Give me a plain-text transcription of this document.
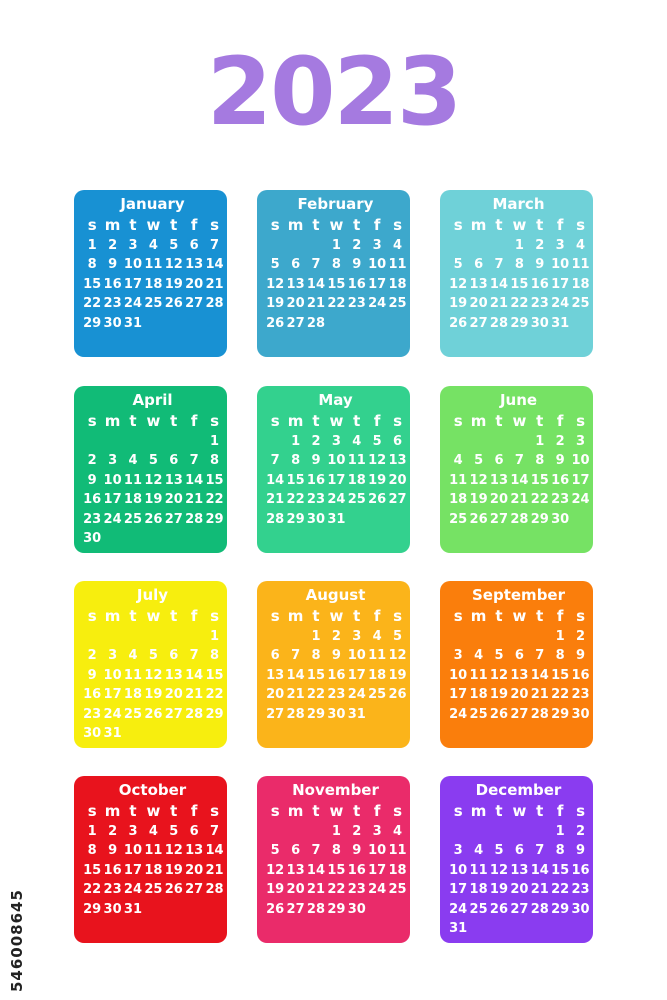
2023
January
s m t w t f s
1 2 3 4 5 6 7
8 9 10 11 12 13 14
15 16 17 18 19 20 21
22 23 24 25 26 27 28
29 30 31
February
s m t w t f s
1 2 3 4
5 6 7 8 9 10 11
12 13 14 15 16 17 18
19 20 21 22 23 24 25
26 27 28
March
s m t w t f s
1 2 3 4
5 6 7 8 9 10 11
12 13 14 15 16 17 18
19 20 21 22 23 24 25
26 27 28 29 30 31
April
s m t w t f s
1
2 3 4 5 6 7 8
9 10 11 12 13 14 15
16 17 18 19 20 21 22
23 24 25 26 27 28 29
30
May
s m t w t f s
1 2 3 4 5 6
7 8 9 10 11 12 13
14 15 16 17 18 19 20
21 22 23 24 25 26 27
28 29 30 31
June
s m t w t f s
1 2 3
4 5 6 7 8 9 10
11 12 13 14 15 16 17
18 19 20 21 22 23 24
25 26 27 28 29 30
July
s m t w t f s
1
2 3 4 5 6 7 8
9 10 11 12 13 14 15
16 17 18 19 20 21 22
23 24 25 26 27 28 29
30 31
August
s m t w t f s
1 2 3 4 5
6 7 8 9 10 11 12
13 14 15 16 17 18 19
20 21 22 23 24 25 26
27 28 29 30 31
September
s m t w t f s
1 2
3 4 5 6 7 8 9
10 11 12 13 14 15 16
17 18 19 20 21 22 23
24 25 26 27 28 29 30
October
s m t w t f s
1 2 3 4 5 6 7
8 9 10 11 12 13 14
15 16 17 18 19 20 21
22 23 24 25 26 27 28
29 30 31
November
s m t w t f s
1 2 3 4
5 6 7 8 9 10 11
12 13 14 15 16 17 18
19 20 21 22 23 24 25
26 27 28 29 30
December
s m t w t f s
1 2
3 4 5 6 7 8 9
10 11 12 13 14 15 16
17 18 19 20 21 22 23
24 25 26 27 28 29 30
31
546008645
